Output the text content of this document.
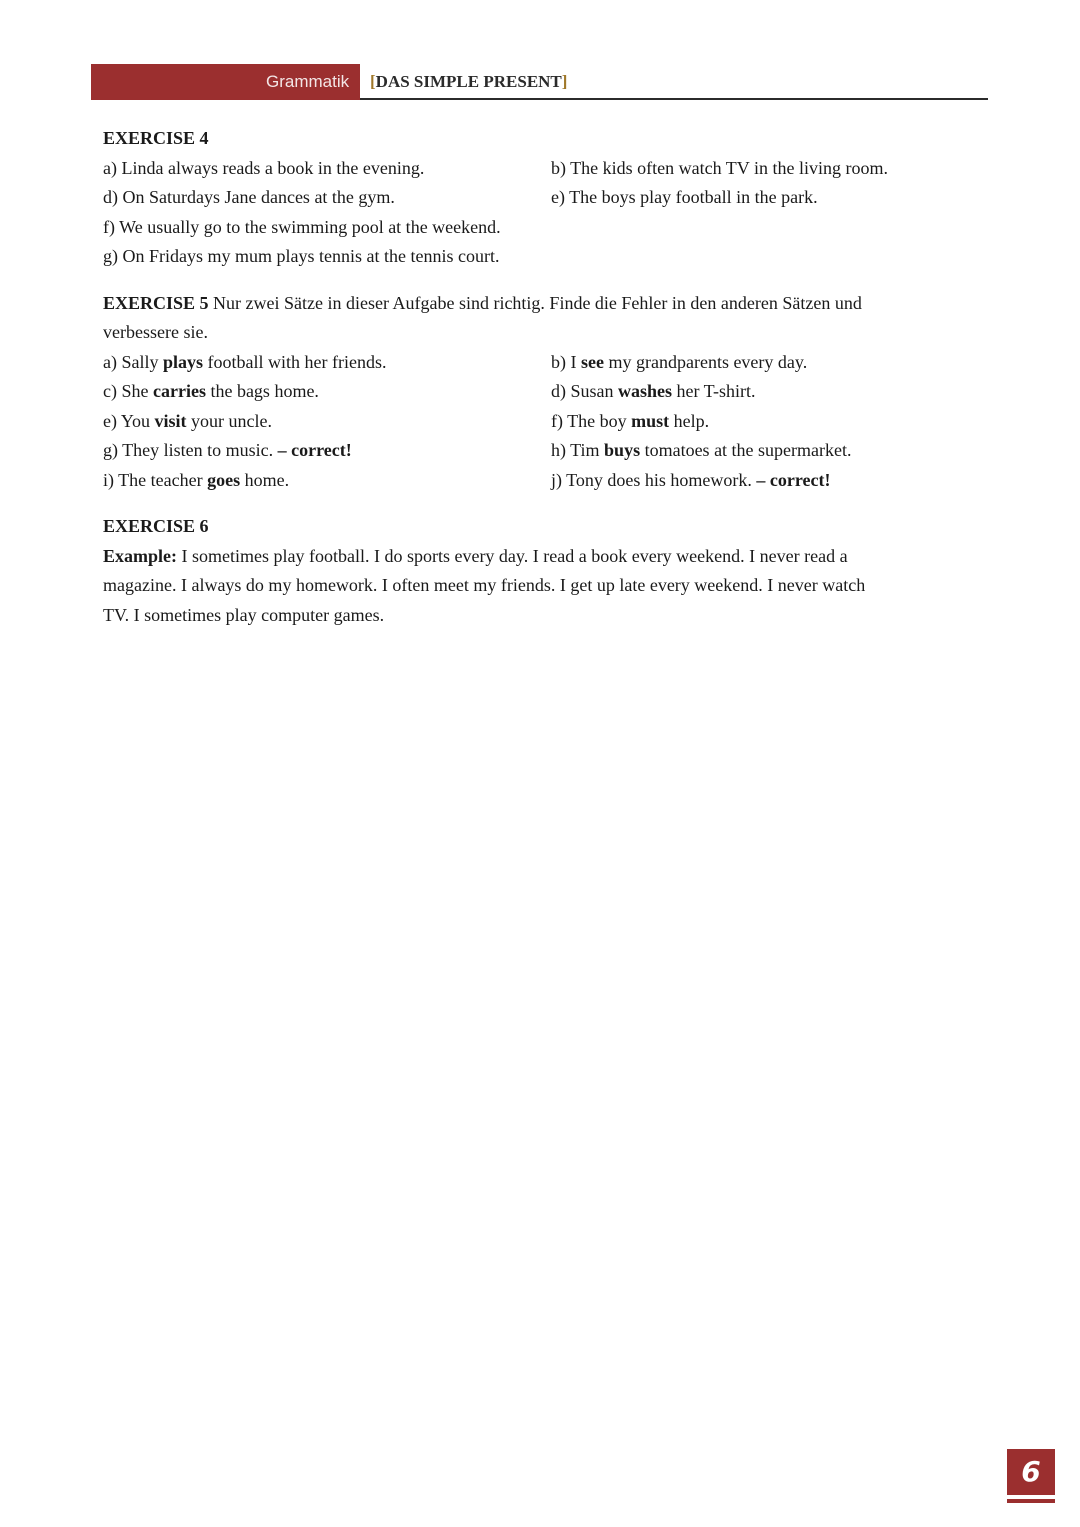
Grammatik [DAS SIMPLE PRESENT]
EXERCISE 4
a) Linda always reads a book in the evening.	b) The kids often watch TV in the living room.
d) On Saturdays Jane dances at the gym.	e) The boys play football in the park.
f) We usually go to the swimming pool at the weekend.
g) On Fridays my mum plays tennis at the tennis court.
EXERCISE 5 Nur zwei Sätze in dieser Aufgabe sind richtig. Finde die Fehler in den anderen Sätzen und
verbessere sie.
a) Sally plays football with her friends.	b) I see my grandparents every day.
c) She carries the bags home.	d) Susan washes her T-shirt.
e) You visit your uncle.	f) The boy must help.
g) They listen to music. – correct!	h) Tim buys tomatoes at the supermarket.
i) The teacher goes home.	j) Tony does his homework. – correct!
EXERCISE 6
Example: I sometimes play football. I do sports every day. I read a book every weekend. I never read a
magazine. I always do my homework. I often meet my friends. I get up late every weekend. I never watch
TV. I sometimes play computer games.
6
